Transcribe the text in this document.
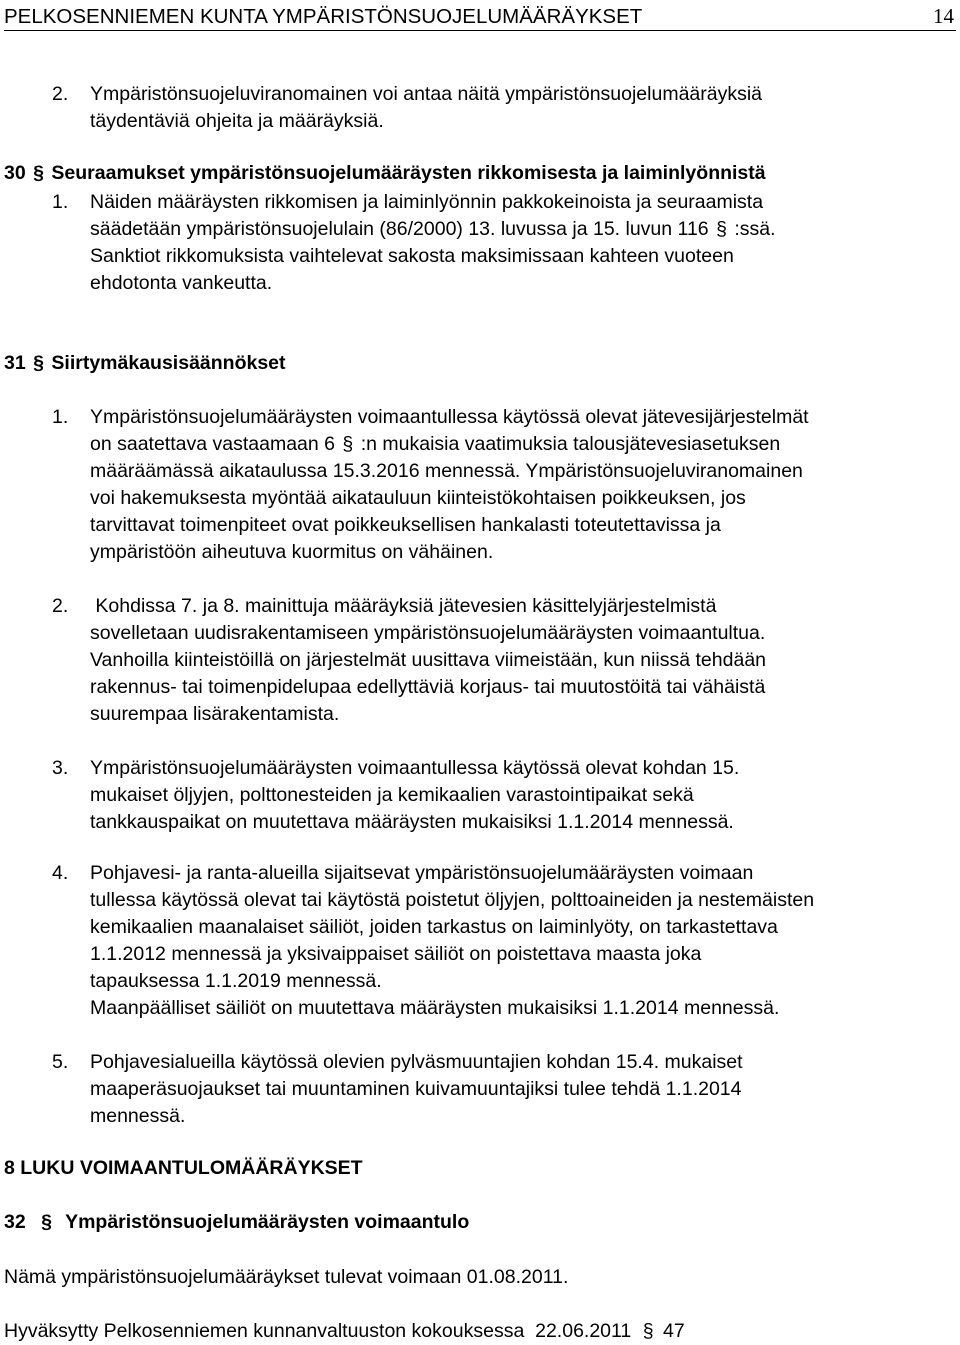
PELKOSENNIEMEN KUNTA YMPÄRISTÖNSUOJELUMÄÄRÄYKSET	14
2. Ympäristönsuojeluviranomainen voi antaa näitä ympäristönsuojelumääräyksiä
täydentäviä ohjeita ja määräyksiä.
30 § Seuraamukset ympäristönsuojelumääräysten rikkomisesta ja laiminlyönnistä
1. Näiden määräysten rikkomisen ja laiminlyönnin pakkokeinoista ja seuraamista
säädetään ympäristönsuojelulain (86/2000) 13. luvussa ja 15. luvun 116 § :ssä.
Sanktiot rikkomuksista vaihtelevat sakosta maksimissaan kahteen vuoteen
ehdotonta vankeutta.
31 § Siirtymäkausisäännökset
1. Ympäristönsuojelumääräysten voimaantullessa käytössä olevat jätevesijärjestelmät
on saatettava vastaamaan 6 § :n mukaisia vaatimuksia talousjätevesiasetuksen
määräämässä aikataulussa 15.3.2016 mennessä. Ympäristönsuojeluviranomainen
voi hakemuksesta myöntää aikatauluun kiinteistökohtaisen poikkeuksen, jos
tarvittavat toimenpiteet ovat poikkeuksellisen hankalasti toteutettavissa ja
ympäristöön aiheutuva kuormitus on vähäinen.
2. Kohdissa 7. ja 8. mainittuja määräyksiä jätevesien käsittelyjärjestelmistä
sovelletaan uudisrakentamiseen ympäristönsuojelumääräysten voimaantultua.
Vanhoilla kiinteistöillä on järjestelmät uusittava viimeistään, kun niissä tehdään
rakennus- tai toimenpidelupaa edellyttäviä korjaus- tai muutostöitä tai vähäistä
suurempaa lisärakentamista.
3. Ympäristönsuojelumääräysten voimaantullessa käytössä olevat kohdan 15.
mukaiset öljyjen, polttonesteiden ja kemikaalien varastointipaikat sekä
tankkauspaikat on muutettava määräysten mukaisiksi 1.1.2014 mennessä.
4. Pohjavesi- ja ranta-alueilla sijaitsevat ympäristönsuojelumääräysten voimaan
tullessa käytössä olevat tai käytöstä poistetut öljyjen, polttoaineiden ja nestemäisten
kemikaalien maanalaiset säiliöt, joiden tarkastus on laiminlyöty, on tarkastettava
1.1.2012 mennessä ja yksivaippaiset säiliöt on poistettava maasta joka
tapauksessa 1.1.2019 mennessä.
Maanpäälliset säiliöt on muutettava määräysten mukaisiksi 1.1.2014 mennessä.
5. Pohjavesialueilla käytössä olevien pylväsmuuntajien kohdan 15.4. mukaiset
maaperäsuojaukset tai muuntaminen kuivamuuntajiksi tulee tehdä 1.1.2014
mennessä.
8 LUKU VOIMAANTULOMÄÄRÄYKSET
32 § Ympäristönsuojelumääräysten voimaantulo
Nämä ympäristönsuojelumääräykset tulevat voimaan 01.08.2011.
Hyväksytty Pelkosenniemen kunnanvaltuuston kokouksessa  22.06.2011 § 47
